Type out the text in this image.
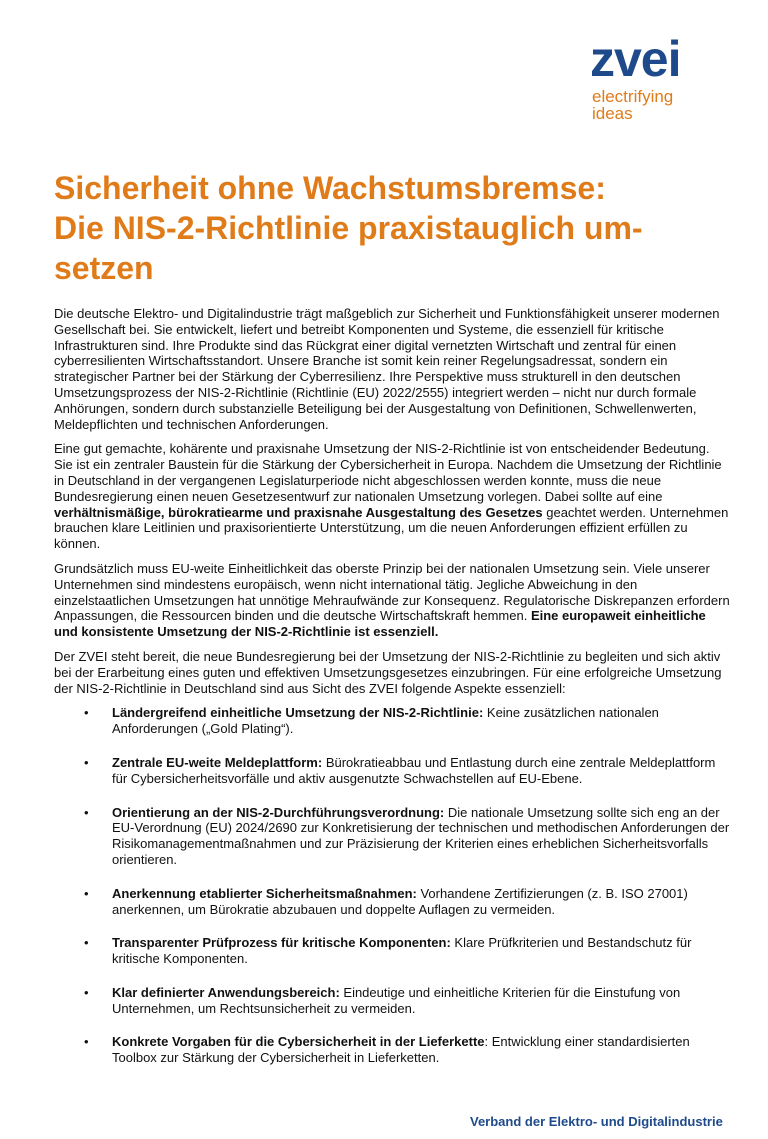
zvei
electrifying
ideas
Sicherheit ohne Wachstumsbremse:
Die NIS-2-Richtlinie praxistauglich um-
setzen

Die deutsche Elektro- und Digitalindustrie trägt maßgeblich zur Sicherheit und Funktionsfähigkeit unserer modernen Gesellschaft bei. Sie entwickelt, liefert und betreibt Komponenten und Systeme, die essenziell für kritische Infrastrukturen sind. Ihre Produkte sind das Rückgrat einer digital vernetzten Wirtschaft und zentral für einen cyberresilienten Wirtschaftsstandort. Unsere Branche ist somit kein reiner Regelungsadressat, sondern ein strategischer Partner bei der Stärkung der Cyberresilienz. Ihre Perspektive muss strukturell in den deutschen Umsetzungsprozess der NIS-2-Richtlinie (Richtlinie (EU) 2022/2555) integriert werden – nicht nur durch formale Anhörungen, sondern durch substanzielle Beteiligung bei der Ausgestaltung von Definitionen, Schwellenwerten, Meldepflichten und technischen Anforderungen.

Eine gut gemachte, kohärente und praxisnahe Umsetzung der NIS-2-Richtlinie ist von entscheidender Bedeutung. Sie ist ein zentraler Baustein für die Stärkung der Cybersicherheit in Europa. Nachdem die Umsetzung der Richtlinie in Deutschland in der vergangenen Legislaturperiode nicht abgeschlossen werden konnte, muss die neue Bundesregierung einen neuen Gesetzesentwurf zur nationalen Umsetzung vorlegen. Dabei sollte auf eine verhältnismäßige, bürokratiearme und praxisnahe Ausgestaltung des Gesetzes geachtet werden. Unternehmen brauchen klare Leitlinien und praxisorientierte Unterstützung, um die neuen Anforderungen effizient erfüllen zu können.

Grundsätzlich muss EU-weite Einheitlichkeit das oberste Prinzip bei der nationalen Umsetzung sein. Viele unserer Unternehmen sind mindestens europäisch, wenn nicht international tätig. Jegliche Abweichung in den einzelstaatlichen Umsetzungen hat unnötige Mehraufwände zur Konsequenz. Regulatorische Diskrepanzen erfordern Anpassungen, die Ressourcen binden und die deutsche Wirtschaftskraft hemmen. Eine europaweit einheitliche und konsistente Umsetzung der NIS-2-Richtlinie ist essenziell.

Der ZVEI steht bereit, die neue Bundesregierung bei der Umsetzung der NIS-2-Richtlinie zu begleiten und sich aktiv bei der Erarbeitung eines guten und effektiven Umsetzungsgesetzes einzubringen. Für eine erfolgreiche Umsetzung der NIS-2-Richtlinie in Deutschland sind aus Sicht des ZVEI folgende Aspekte essenziell:

• Ländergreifend einheitliche Umsetzung der NIS-2-Richtlinie: Keine zusätzlichen nationalen Anforderungen („Gold Plating“).
• Zentrale EU-weite Meldeplattform: Bürokratieabbau und Entlastung durch eine zentrale Meldeplattform für Cybersicherheitsvorfälle und aktiv ausgenutzte Schwachstellen auf EU-Ebene.
• Orientierung an der NIS-2-Durchführungsverordnung: Die nationale Umsetzung sollte sich eng an der EU-Verordnung (EU) 2024/2690 zur Konkretisierung der technischen und methodischen Anforderungen der Risikomanagementmaßnahmen und zur Präzisierung der Kriterien eines erheblichen Sicherheitsvorfalls orientieren.
• Anerkennung etablierter Sicherheitsmaßnahmen: Vorhandene Zertifizierungen (z. B. ISO 27001) anerkennen, um Bürokratie abzubauen und doppelte Auflagen zu vermeiden.
• Transparenter Prüfprozess für kritische Komponenten: Klare Prüfkriterien und Bestandschutz für kritische Komponenten.
• Klar definierter Anwendungsbereich: Eindeutige und einheitliche Kriterien für die Einstufung von Unternehmen, um Rechtsunsicherheit zu vermeiden.
• Konkrete Vorgaben für die Cybersicherheit in der Lieferkette: Entwicklung einer standardisierten Toolbox zur Stärkung der Cybersicherheit in Lieferketten.
Verband der Elektro- und Digitalindustrie
